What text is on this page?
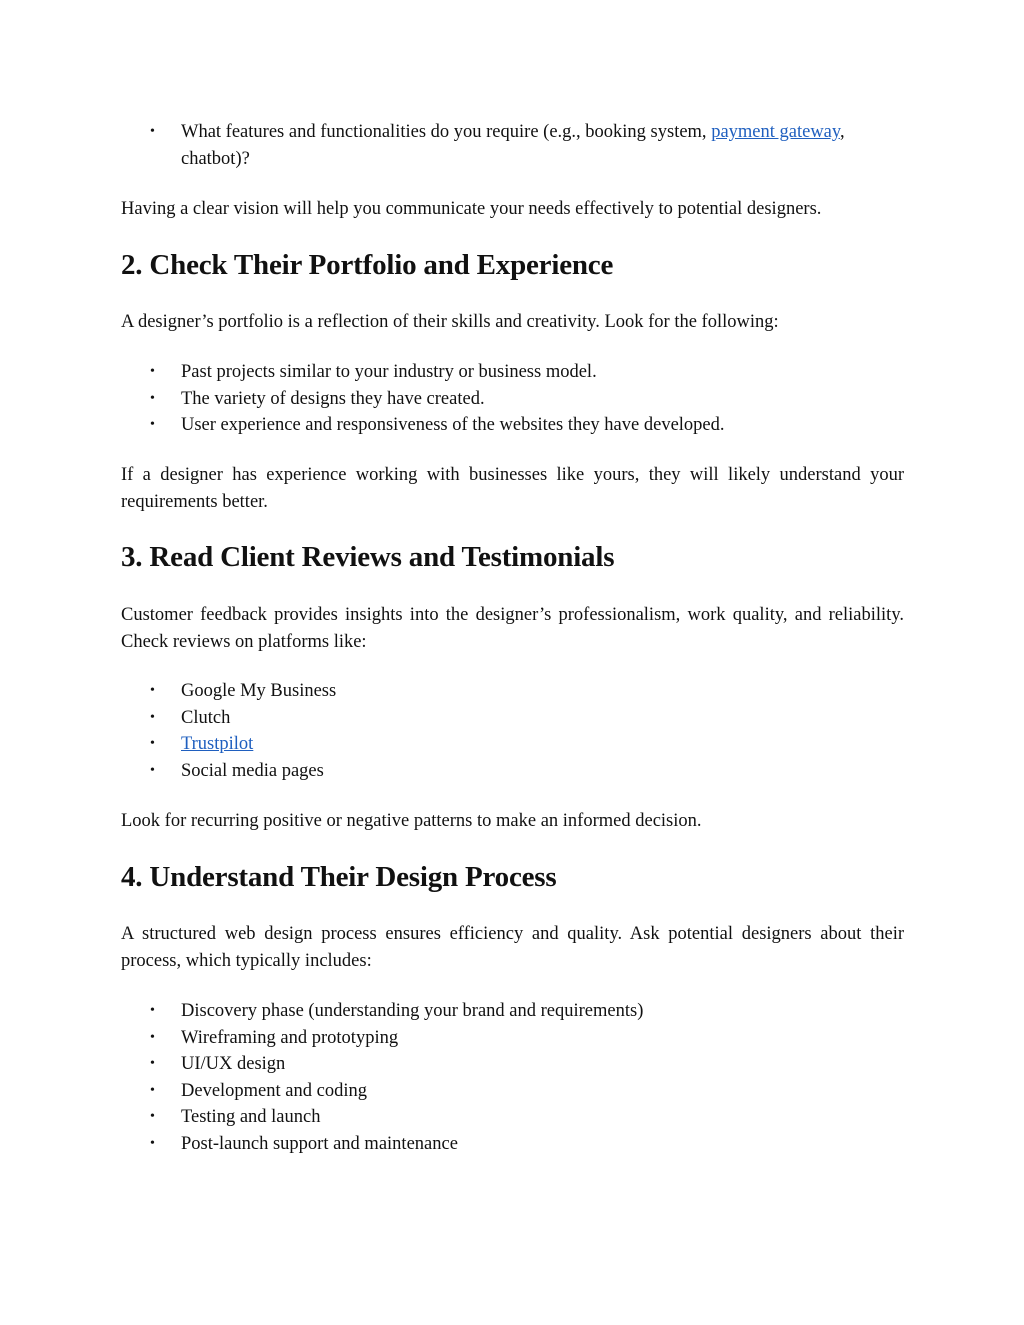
• What features and functionalities do you require (e.g., booking system, payment gateway, chatbot)?

Having a clear vision will help you communicate your needs effectively to potential designers.

2. Check Their Portfolio and Experience

A designer’s portfolio is a reflection of their skills and creativity. Look for the following:

• Past projects similar to your industry or business model.
• The variety of designs they have created.
• User experience and responsiveness of the websites they have developed.

If a designer has experience working with businesses like yours, they will likely understand your requirements better.

3. Read Client Reviews and Testimonials

Customer feedback provides insights into the designer’s professionalism, work quality, and reliability. Check reviews on platforms like:

• Google My Business
• Clutch
• Trustpilot
• Social media pages

Look for recurring positive or negative patterns to make an informed decision.

4. Understand Their Design Process

A structured web design process ensures efficiency and quality. Ask potential designers about their process, which typically includes:

• Discovery phase (understanding your brand and requirements)
• Wireframing and prototyping
• UI/UX design
• Development and coding
• Testing and launch
• Post-launch support and maintenance
